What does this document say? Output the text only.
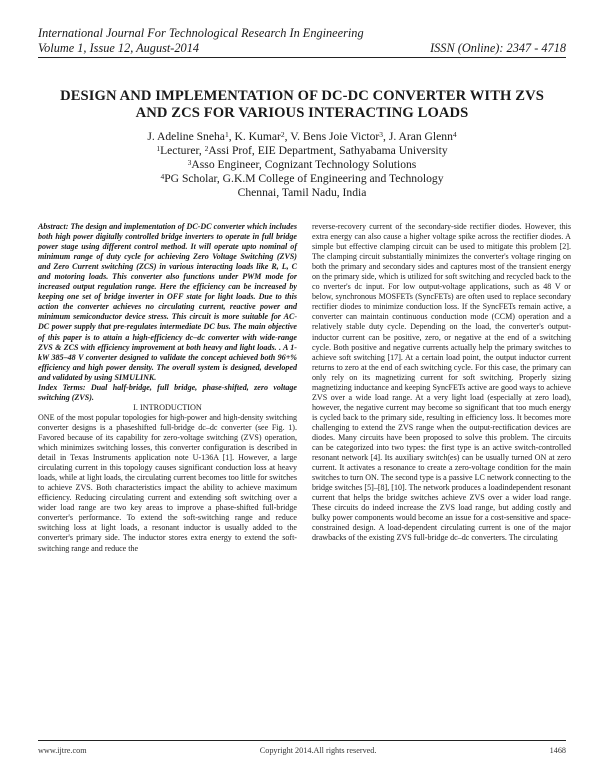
International Journal For Technological Research In Engineering
Volume 1, Issue 12, August-2014	ISSN (Online): 2347 - 4718
DESIGN AND IMPLEMENTATION OF DC-DC CONVERTER WITH ZVS
AND ZCS FOR VARIOUS INTERACTING LOADS
J. Adeline Sneha$^1$, K. Kumar$^2$, V. Bens Joie Victor$^3$, J. Aran Glenn$^4$
$^1$Lecturer, $^2$Assi Prof, EIE Department, Sathyabama University
$^3$Asso Engineer, Cognizant Technology Solutions
$^4$PG Scholar, G.K.M College of Engineering and Technology
Chennai, Tamil Nadu, India

Abstract: The design and implementation of DC-DC converter which includes both high power digitally controlled bridge inverters to operate in full bridge power stage using different control method. It will operate upto nominal of minimum range of duty cycle for achieving Zero Voltage Switching (ZVS) and Zero Current switching (ZCS) in various interacting loads like R, L, C and motoring loads. This converter also functions under PWM mode for increased output regulation range. Here the efficiency can be increased by keeping one set of bridge inverter in OFF state for light loads. Due to this action the converter achieves no circulating current, reactive power and minimum semiconductor device stress. This circuit is more suitable for AC-DC power supply that pre-regulates intermediate DC bus. The main objective of this paper is to attain a high-efficiency dc–dc converter with wide-range ZVS & ZCS with efficiency improvement at both heavy and light loads. . A 1-kW 385–48 V converter designed to validate the concept achieved both 96+% efficiency and high power density. The overall system is designed, developed and validated by using SIMULINK.

Index Terms: Dual half-bridge, full bridge, phase-shifted, zero voltage switching (ZVS).

I. INTRODUCTION

ONE of the most popular topologies for high-power and high-density switching converter designs is a phaseshifted full-bridge dc–dc converter (see Fig. 1). Favored because of its capability for zero-voltage switching (ZVS) operation, which minimizes switching losses, this converter configuration is described in detail in Texas Instruments application note U-136A [1]. However, a large circulating current in this topology causes significant conduction loss at heavy loads, while at light loads, the circulating current becomes too little for switches to achieve ZVS. Both characteristics impact the ability to achieve maximum efficiency. Reducing circulating current and extending soft switching over a wider load range are two key areas to improve a phase-shifted full-bridge converter's performance. To extend the soft-switching range and reduce switching loss at light loads, a resonant inductor is usually added to the converter's primary side. The inductor stores extra energy to extend the soft-switching range and reduce the

reverse-recovery current of the secondary-side rectifier diodes. However, this extra energy can also cause a higher voltage spike across the rectifier diodes. A simple but effective clamping circuit can be used to mitigate this problem [2]. The clamping circuit substantially minimizes the converter's voltage ringing on both the primary and secondary sides and captures most of the transient energy on the primary side, which is utilized for soft switching and recycled back to the co nverter's dc input. For low output-voltage applications, such as 48 V or below, synchronous MOSFETs (SyncFETs) are often used to replace secondary rectifier diodes to minimize conduction loss. If the SyncFETs remain active, a converter can maintain continuous conduction mode (CCM) operation and a relatively stable duty cycle. Depending on the load, the converter's output-inductor current can be positive, zero, or negative at the end of a switching cycle. Both positive and negative currents actually help the primary switches to achieve soft switching [17]. At a certain load point, the output inductor current returns to zero at the end of each switching cycle. For this case, the primary can only rely on its magnetizing current for soft switching. Properly sizing magnetizing inductance and keeping SyncFETs active are good ways to achieve ZVS over a wide load range. At a very light load (especially at zero load), however, the negative current may become so significant that too much energy is cycled back to the primary side, resulting in efficiency loss. It becomes more challenging to extend the ZVS range when the output-rectification devices are diodes. Many circuits have been proposed to solve this problem. The circuits can be categorized into two types: the first type is an active switch-controlled resonant network [4]. Its auxiliary switch(es) can be usually turned ON at zero current. It activates a resonance to create a zero-voltage condition for the main switches to turn ON. The second type is a passive LC network connecting to the bridge switches [5]–[8], [10]. The network produces a loadindependent resonant current that helps the bridge switches achieve ZVS over a wider load range. These circuits do indeed increase the ZVS load range, but adding costly and bulky power components would become an issue for a cost-sensitive and space-constrained design. A load-dependent circulating current is one of the major drawbacks of the existing ZVS full-bridge dc–dc converters. The circulating

www.ijtre.com	Copyright 2014.All rights reserved.	1468
